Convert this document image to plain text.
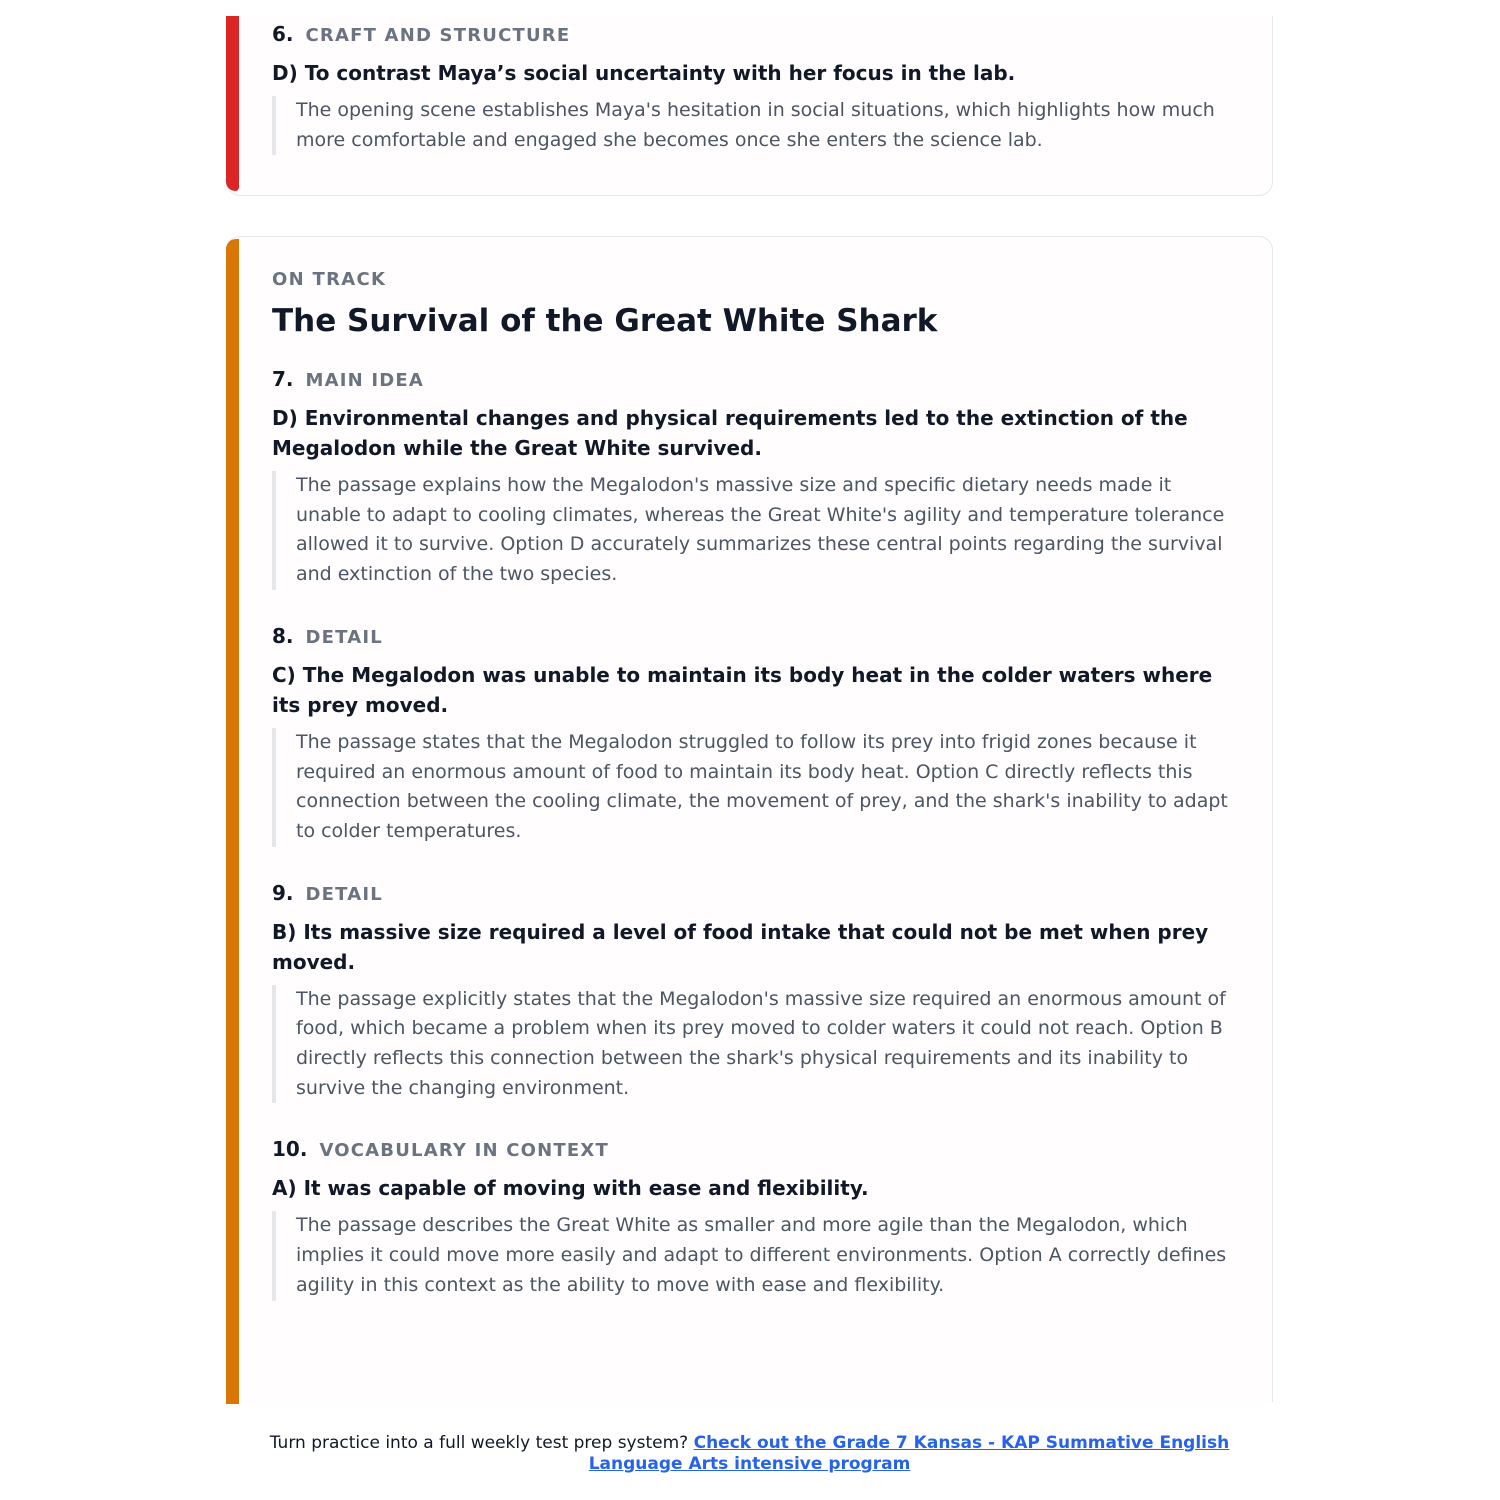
6. CRAFT AND STRUCTURE
D) To contrast Maya’s social uncertainty with her focus in the lab.

The opening scene establishes Maya's hesitation in social situations, which highlights how much more comfortable and engaged she becomes once she enters the science lab.

ON TRACK
The Survival of the Great White Shark
7. MAIN IDEA
D) Environmental changes and physical requirements led to the extinction of the Megalodon while the Great White survived.

The passage explains how the Megalodon's massive size and specific dietary needs made it unable to adapt to cooling climates, whereas the Great White's agility and temperature tolerance allowed it to survive. Option D accurately summarizes these central points regarding the survival and extinction of the two species.

8. DETAIL
C) The Megalodon was unable to maintain its body heat in the colder waters where its prey moved.

The passage states that the Megalodon struggled to follow its prey into frigid zones because it required an enormous amount of food to maintain its body heat. Option C directly reflects this connection between the cooling climate, the movement of prey, and the shark's inability to adapt to colder temperatures.

9. DETAIL
B) Its massive size required a level of food intake that could not be met when prey moved.

The passage explicitly states that the Megalodon's massive size required an enormous amount of food, which became a problem when its prey moved to colder waters it could not reach. Option B directly reflects this connection between the shark's physical requirements and its inability to survive the changing environment.

10. VOCABULARY IN CONTEXT
A) It was capable of moving with ease and flexibility.

The passage describes the Great White as smaller and more agile than the Megalodon, which implies it could move more easily and adapt to different environments. Option A correctly defines agility in this context as the ability to move with ease and flexibility.

Turn practice into a full weekly test prep system? Check out the Grade 7 Kansas - KAP Summative English Language Arts intensive program
